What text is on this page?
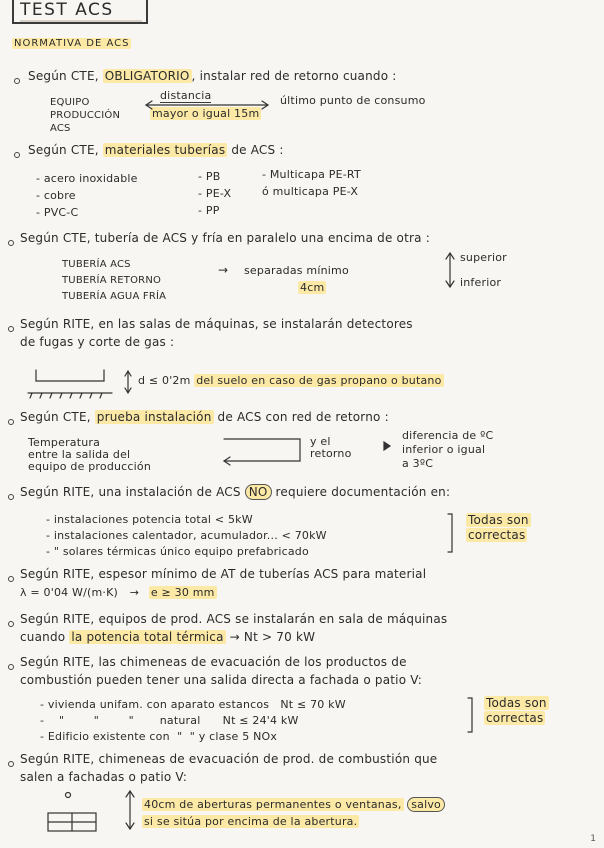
TEST ACS
NORMATIVA DE ACS
Según CTE, OBLIGATORIO , instalar red de retorno cuando :
EQUIPO
PRODUCCIÓN
ACS
distancia
mayor o igual 15m
último punto de consumo
Según CTE, materiales tuberías de ACS :
- acero inoxidable
- cobre
- PVC-C
- PB
- PE-X
- PP
- Multicapa PE-RT
ó multicapa PE-X
Según CTE, tubería de ACS y fría en paralelo una encima de otra :
TUBERÍA ACS
TUBERÍA RETORNO
TUBERÍA AGUA FRÍA
→ separadas mínimo
4cm
superior
inferior
Según RITE, en las salas de máquinas, se instalarán detectores
de fugas y corte de gas :
d ≤ 0'2m del suelo en caso de gas propano o butano
Según CTE, prueba instalación de ACS con red de retorno :
Temperatura
entre la salida del
equipo de producción
y el
retorno
diferencia de ºC
inferior o igual
a 3ºC
Según RITE, una instalación de ACS NO requiere documentación en:
- instalaciones potencia total < 5kW
- instalaciones calentador, acumulador... < 70kW
- " solares térmicas único equipo prefabricado
Todas son
correctas
Según RITE, espesor mínimo de AT de tuberías ACS para material
λ = 0'04 W/(m·K) → e ≥ 30 mm
Según RITE, equipos de prod. ACS se instalarán en sala de máquinas
cuando la potencia total térmica → Nt > 70 kW
Según RITE, las chimeneas de evacuación de los productos de
combustión pueden tener una salida directa a fachada o patio V:
- vivienda unifam. con aparato estancos   Nt ≤ 70 kW
-    "        "        "       natural      Nt ≤ 24'4 kW
- Edificio existente con  "  " y clase 5 NOx
Todas son
correctas
Según RITE, chimeneas de evacuación de prod. de combustión que
salen a fachadas o patio V:
40cm de aberturas permanentes o ventanas, salvo
si se sitúa por encima de la abertura.
1
